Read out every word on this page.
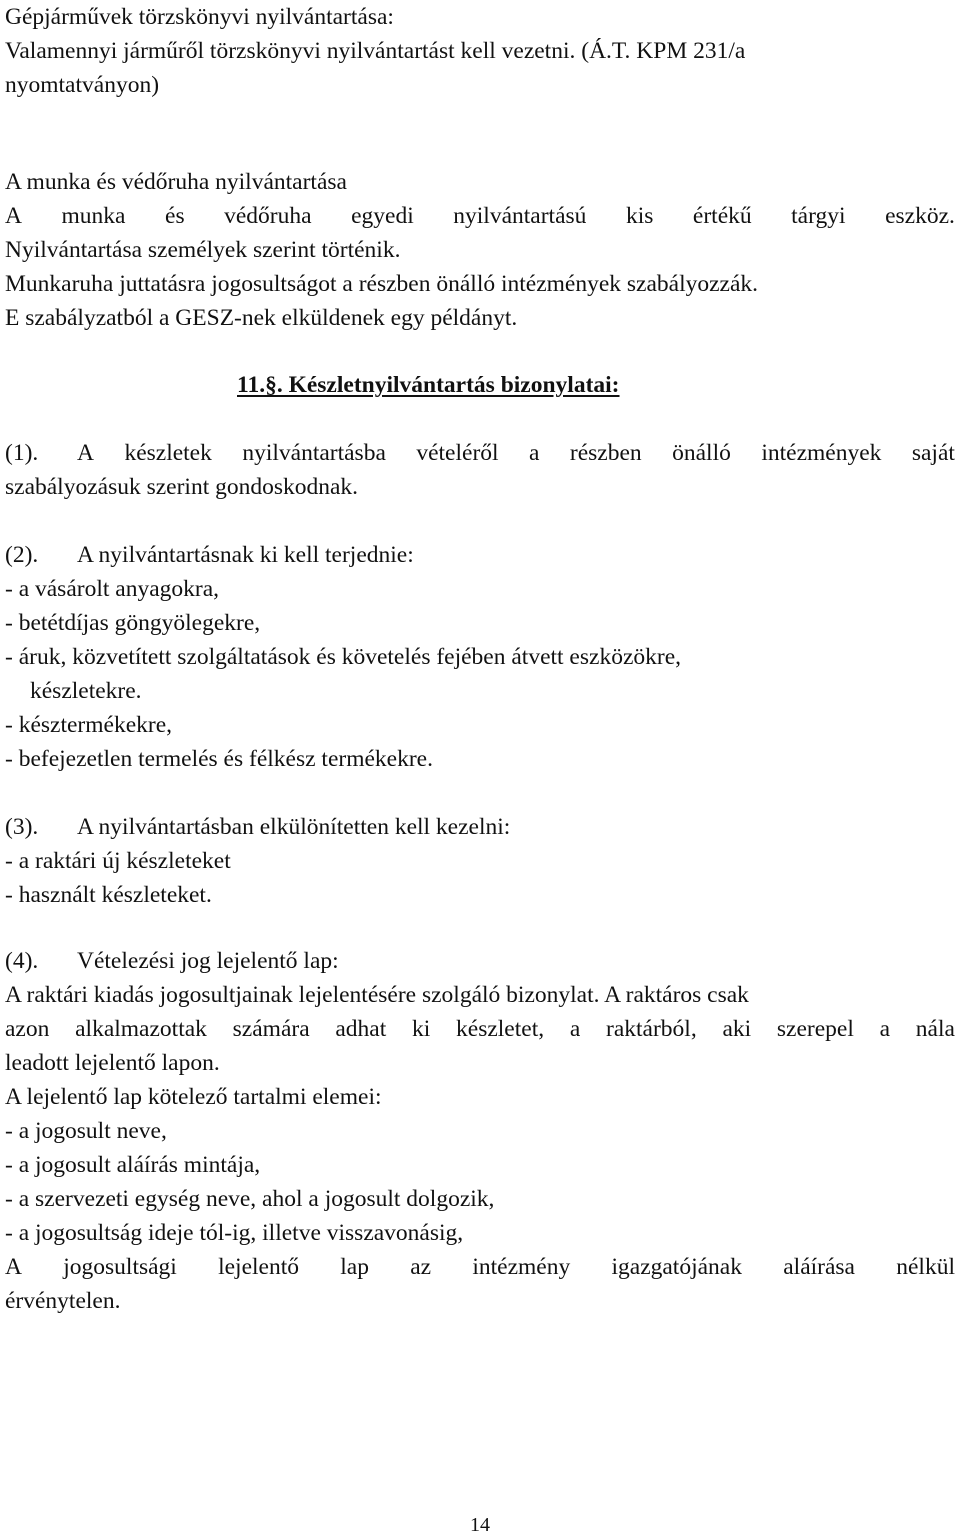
Gépjárművek törzskönyvi nyilvántartása:
Valamennyi járműről törzskönyvi nyilvántartást kell vezetni. (Á.T. KPM 231/a
nyomtatványon)
A munka és védőruha nyilvántartása
A munka és védőruha egyedi nyilvántartású kis értékű tárgyi eszköz.
Nyilvántartása személyek szerint történik.
Munkaruha juttatásra jogosultságot a részben önálló intézmények szabályozzák.
E szabályzatból a GESZ-nek elküldenek egy példányt.
11.§. Készletnyilvántartás bizonylatai:
(1).	A készletek nyilvántartásba vételéről a részben önálló intézmények saját
szabályozásuk szerint gondoskodnak.
(2). A nyilvántartásnak ki kell terjednie:
- a vásárolt anyagokra,
- betétdíjas göngyölegekre,
- áruk, közvetített szolgáltatások és követelés fejében átvett eszközökre,
készletekre.
- késztermékekre,
- befejezetlen termelés és félkész termékekre.
(3). A nyilvántartásban elkülönítetten kell kezelni:
- a raktári új készleteket
- használt készleteket.
(4). Vételezési jog lejelentő lap:
A raktári kiadás jogosultjainak lejelentésére szolgáló bizonylat. A raktáros csak
azon alkalmazottak számára adhat ki készletet, a raktárból, aki szerepel a nála
leadott lejelentő lapon.
A lejelentő lap kötelező tartalmi elemei:
- a jogosult neve,
- a jogosult aláírás mintája,
- a szervezeti egység neve, ahol a jogosult dolgozik,
- a jogosultság ideje tól-ig, illetve visszavonásig,
A jogosultsági lejelentő lap az intézmény igazgatójának aláírása nélkül
érvénytelen.
14
